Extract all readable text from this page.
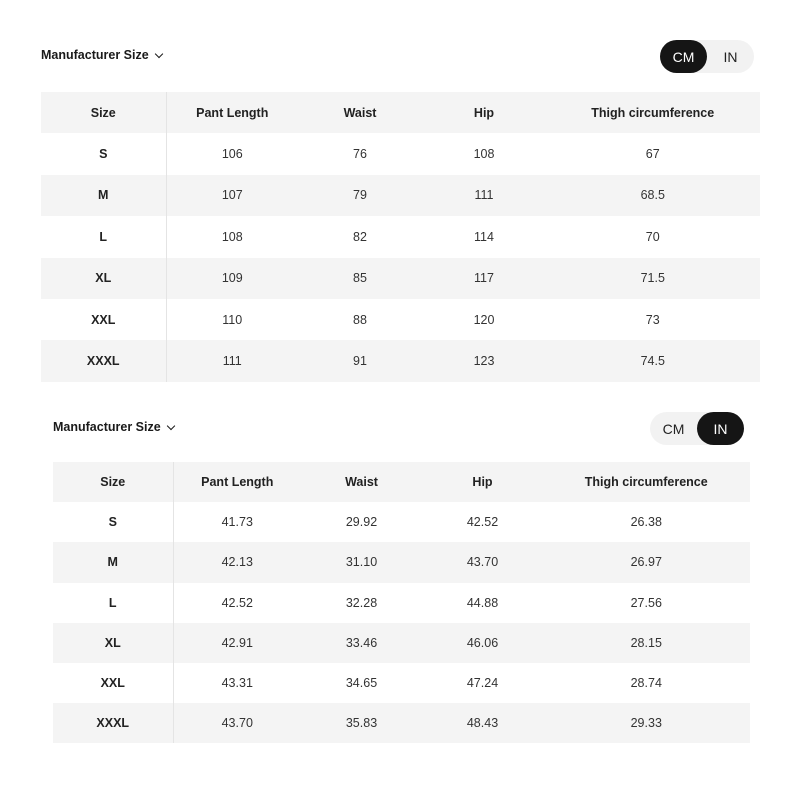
Manufacturer Size	CM	IN
Size	Pant Length	Waist	Hip	Thigh circumference
S	106	76	108	67
M	107	79	111	68.5
L	108	82	114	70
XL	109	85	117	71.5
XXL	110	88	120	73
XXXL	111	91	123	74.5
Manufacturer Size	CM	IN
Size	Pant Length	Waist	Hip	Thigh circumference
S	41.73	29.92	42.52	26.38
M	42.13	31.10	43.70	26.97
L	42.52	32.28	44.88	27.56
XL	42.91	33.46	46.06	28.15
XXL	43.31	34.65	47.24	28.74
XXXL	43.70	35.83	48.43	29.33
